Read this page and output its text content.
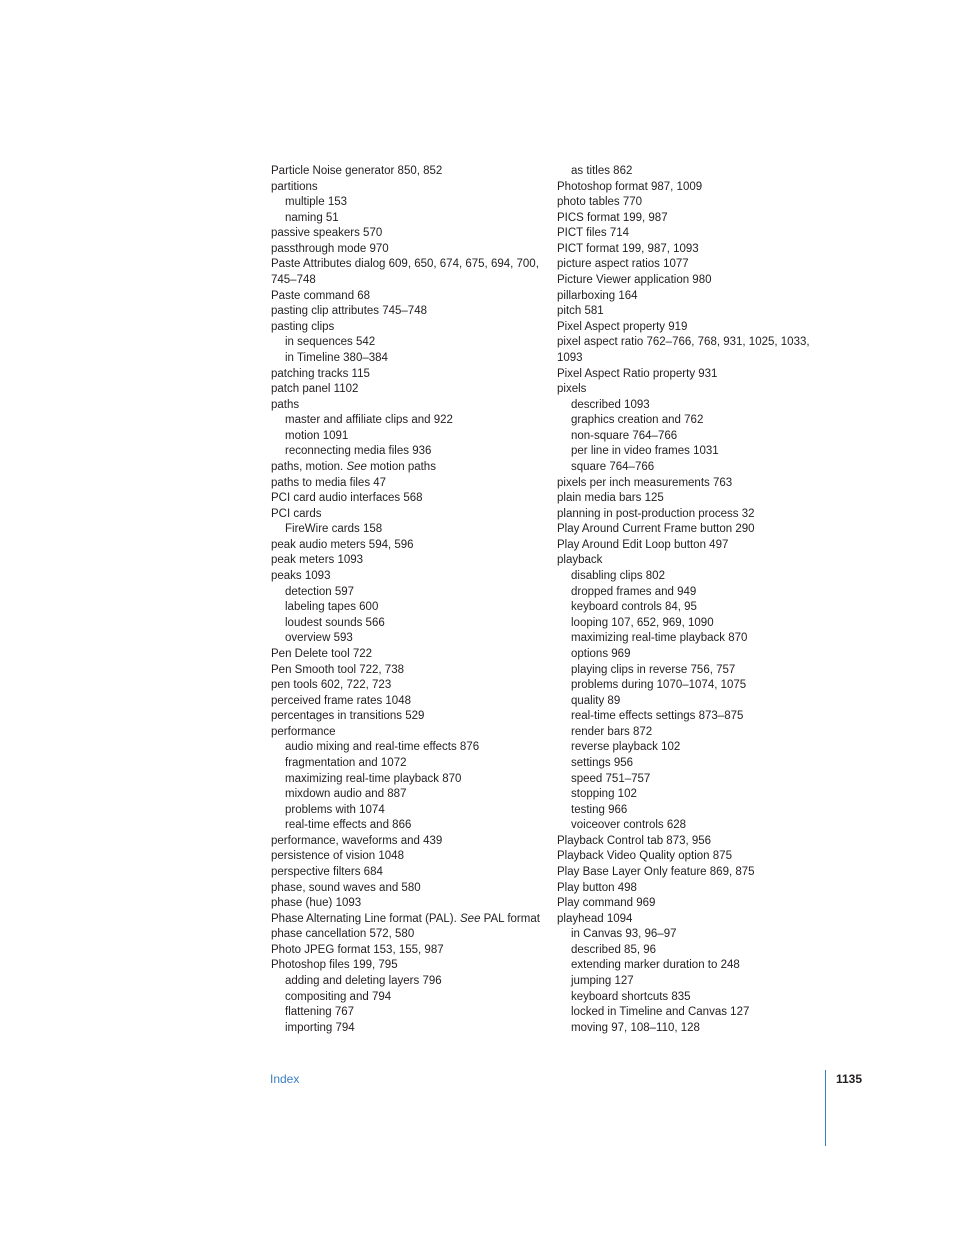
Particle Noise generator 850, 852
partitions
multiple 153
naming 51
passive speakers 570
passthrough mode 970
Paste Attributes dialog 609, 650, 674, 675, 694, 700, 745–748
Paste command 68
pasting clip attributes 745–748
pasting clips
in sequences 542
in Timeline 380–384
patching tracks 115
patch panel 1102
paths
master and affiliate clips and 922
motion 1091
reconnecting media files 936
paths, motion. See motion paths
paths to media files 47
PCI card audio interfaces 568
PCI cards
FireWire cards 158
peak audio meters 594, 596
peak meters 1093
peaks 1093
detection 597
labeling tapes 600
loudest sounds 566
overview 593
Pen Delete tool 722
Pen Smooth tool 722, 738
pen tools 602, 722, 723
perceived frame rates 1048
percentages in transitions 529
performance
audio mixing and real-time effects 876
fragmentation and 1072
maximizing real-time playback 870
mixdown audio and 887
problems with 1074
real-time effects and 866
performance, waveforms and 439
persistence of vision 1048
perspective filters 684
phase, sound waves and 580
phase (hue) 1093
Phase Alternating Line format (PAL). See PAL format
phase cancellation 572, 580
Photo JPEG format 153, 155, 987
Photoshop files 199, 795
adding and deleting layers 796
compositing and 794
flattening 767
importing 794
as titles 862
Photoshop format 987, 1009
photo tables 770
PICS format 199, 987
PICT files 714
PICT format 199, 987, 1093
picture aspect ratios 1077
Picture Viewer application 980
pillarboxing 164
pitch 581
Pixel Aspect property 919
pixel aspect ratio 762–766, 768, 931, 1025, 1033, 1093
Pixel Aspect Ratio property 931
pixels
described 1093
graphics creation and 762
non-square 764–766
per line in video frames 1031
square 764–766
pixels per inch measurements 763
plain media bars 125
planning in post-production process 32
Play Around Current Frame button 290
Play Around Edit Loop button 497
playback
disabling clips 802
dropped frames and 949
keyboard controls 84, 95
looping 107, 652, 969, 1090
maximizing real-time playback 870
options 969
playing clips in reverse 756, 757
problems during 1070–1074, 1075
quality 89
real-time effects settings 873–875
render bars 872
reverse playback 102
settings 956
speed 751–757
stopping 102
testing 966
voiceover controls 628
Playback Control tab 873, 956
Playback Video Quality option 875
Play Base Layer Only feature 869, 875
Play button 498
Play command 969
playhead 1094
in Canvas 93, 96–97
described 85, 96
extending marker duration to 248
jumping 127
keyboard shortcuts 835
locked in Timeline and Canvas 127
moving 97, 108–110, 128
Index	1135
